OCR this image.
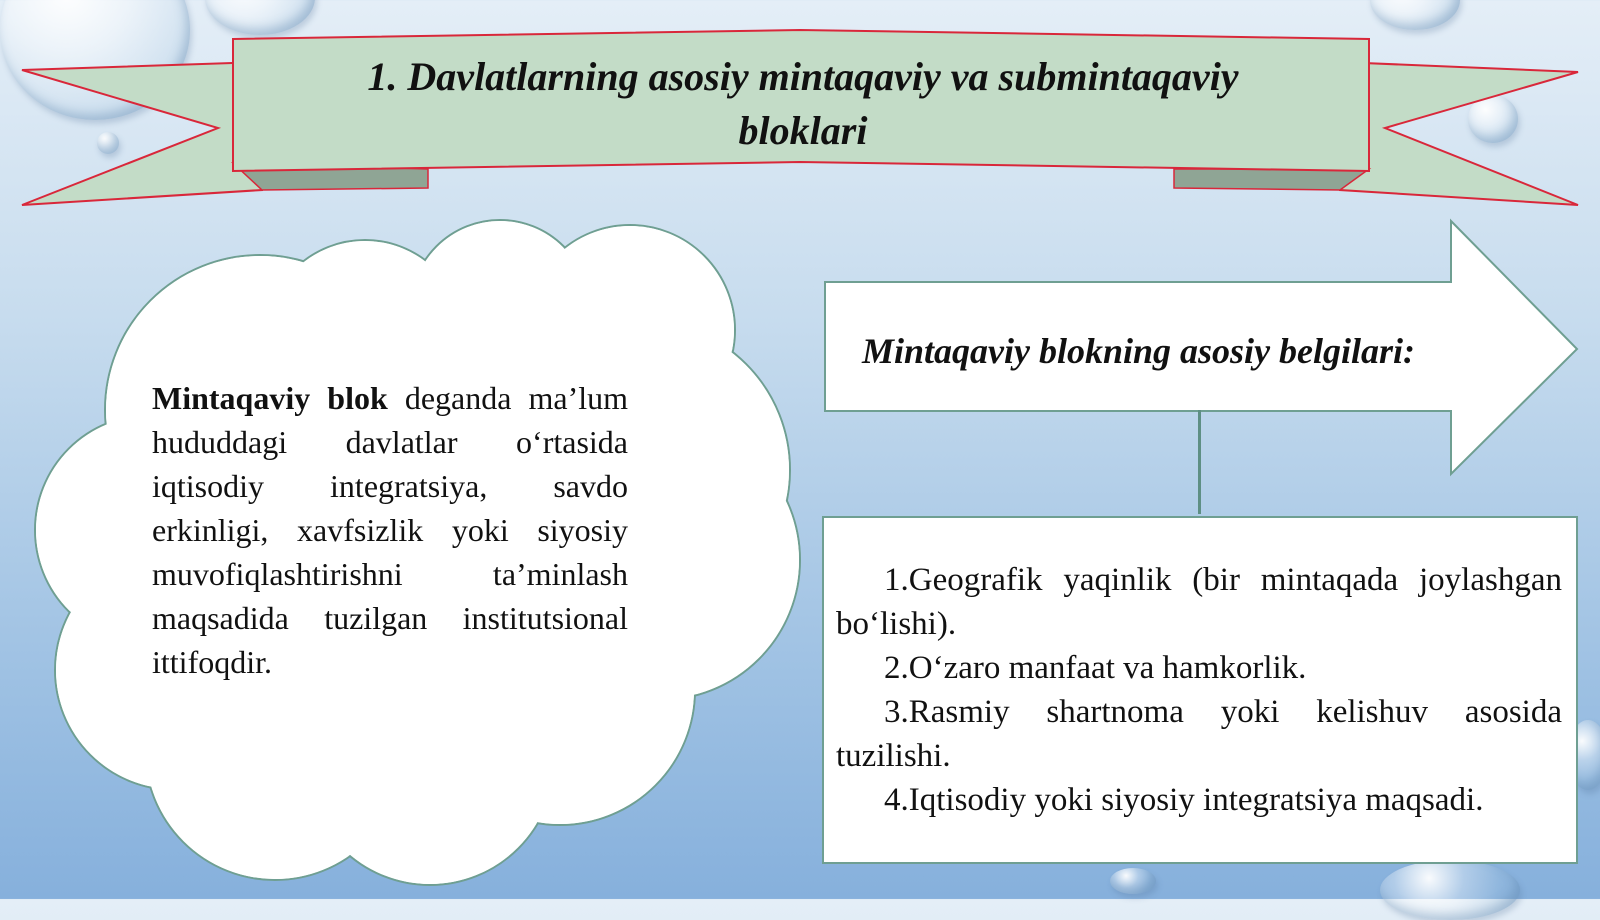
1. Davlatlarning asosiy mintaqaviy va submintaqaviy
bloklari

Mintaqaviy blok deganda ma’lum hududdagi davlatlar o‘rtasida iqtisodiy integratsiya, savdo erkinligi, xavfsizlik yoki siyosiy muvofiqlashtirishni ta’minlash maqsadida tuzilgan institutsional ittifoqdir.

Mintaqaviy blokning asosiy belgilari:

1.Geografik yaqinlik (bir mintaqada joylashgan bo‘lishi).

2.O‘zaro manfaat va hamkorlik.

3.Rasmiy shartnoma yoki kelishuv asosida tuzilishi.

4.Iqtisodiy yoki siyosiy integratsiya maqsadi.
